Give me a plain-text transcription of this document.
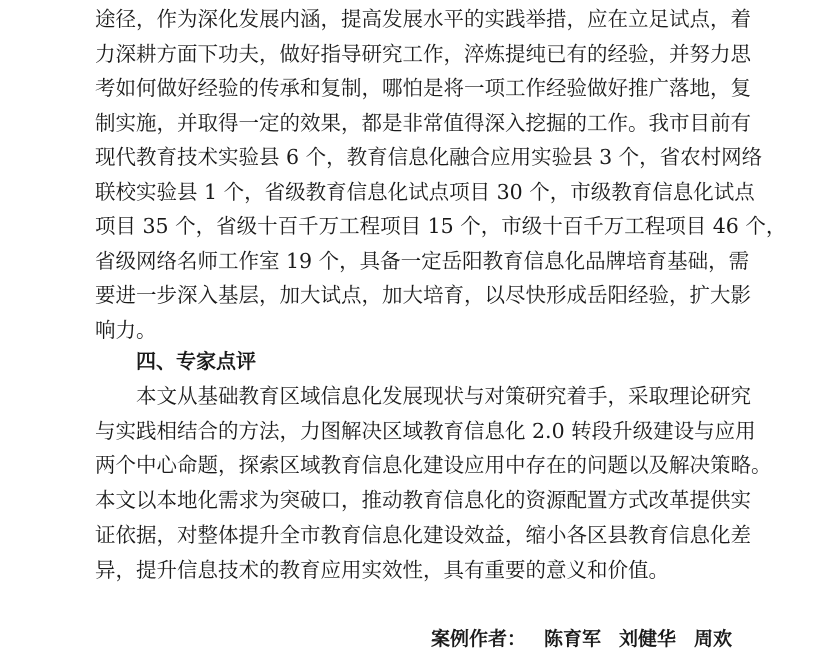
途径，作为深化发展内涵，提高发展水平的实践举措，应在立足试点，着
力深耕方面下功夫，做好指导研究工作，淬炼提纯已有的经验，并努力思
考如何做好经验的传承和复制，哪怕是将一项工作经验做好推广落地，复
制实施，并取得一定的效果，都是非常值得深入挖掘的工作。我市目前有
现代教育技术实验县 6 个，教育信息化融合应用实验县 3 个，省农村网络
联校实验县 1 个，省级教育信息化试点项目 30 个，市级教育信息化试点
项目 35 个，省级十百千万工程项目 15 个，市级十百千万工程项目 46 个，
省级网络名师工作室 19 个，具备一定岳阳教育信息化品牌培育基础，需
要进一步深入基层，加大试点，加大培育，以尽快形成岳阳经验，扩大影
响力。
四、专家点评
　　本文从基础教育区域信息化发展现状与对策研究着手，采取理论研究
与实践相结合的方法，力图解决区域教育信息化 2.0 转段升级建设与应用
两个中心命题，探索区域教育信息化建设应用中存在的问题以及解决策略。
本文以本地化需求为突破口，推动教育信息化的资源配置方式改革提供实
证依据，对整体提升全市教育信息化建设效益，缩小各区县教育信息化差
异，提升信息技术的教育应用实效性，具有重要的意义和价值。
案例作者： 陈育军 刘健华 周欢
